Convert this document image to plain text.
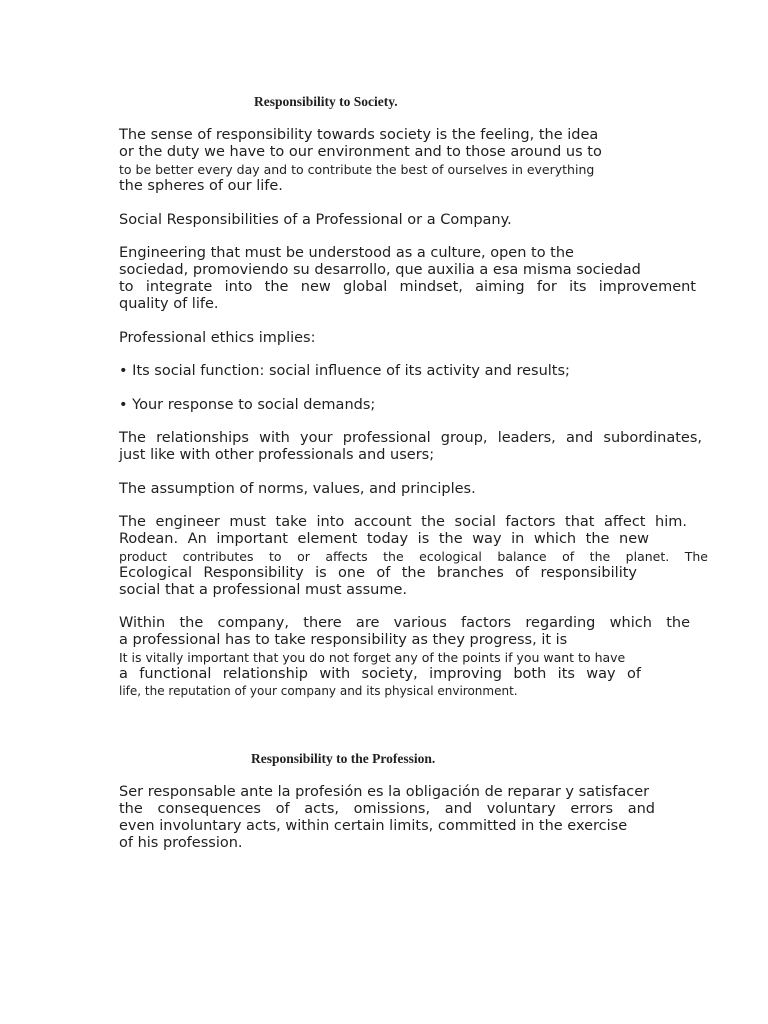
Responsibility to Society.
The sense of responsibility towards society is the feeling, the idea
or the duty we have to our environment and to those around us to
to be better every day and to contribute the best of ourselves in everything
the spheres of our life.
Social Responsibilities of a Professional or a Company.
Engineering that must be understood as a culture, open to the
sociedad, promoviendo su desarrollo, que auxilia a esa misma sociedad
to integrate into the new global mindset, aiming for its improvement
quality of life.
Professional ethics implies:
• Its social function: social influence of its activity and results;
• Your response to social demands;
The relationships with your professional group, leaders, and subordinates,
just like with other professionals and users;
The assumption of norms, values, and principles.
The engineer must take into account the social factors that affect him.
Rodean. An important element today is the way in which the new
product contributes to or affects the ecological balance of the planet. The
Ecological Responsibility is one of the branches of responsibility
social that a professional must assume.
Within the company, there are various factors regarding which the
a professional has to take responsibility as they progress, it is
It is vitally important that you do not forget any of the points if you want to have
a functional relationship with society, improving both its way of
life, the reputation of your company and its physical environment.
Responsibility to the Profession.
Ser responsable ante la profesión es la obligación de reparar y satisfacer
the consequences of acts, omissions, and voluntary errors and
even involuntary acts, within certain limits, committed in the exercise
of his profession.
